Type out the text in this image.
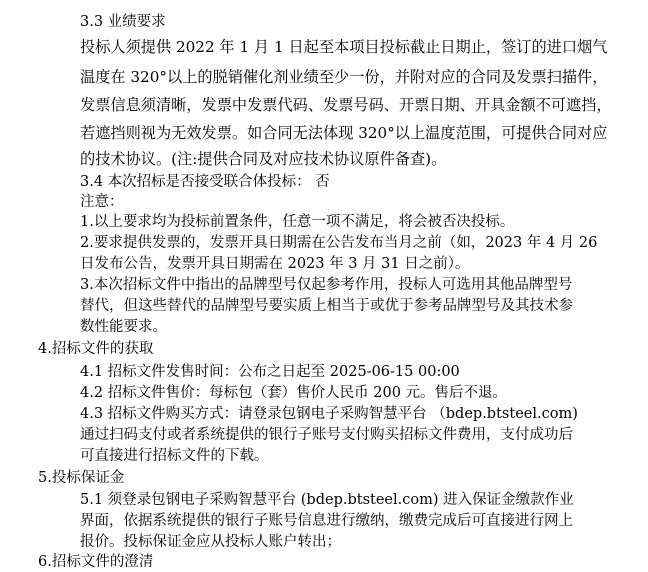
3.3 业绩要求
投标人须提供 2022 年 1 月 1 日起至本项目投标截止日期止，签订的进口烟气
温度在 320°以上的脱销催化剂业绩至少一份，并附对应的合同及发票扫描件，
发票信息须清晰，发票中发票代码、发票号码、开票日期、开具金额不可遮挡，
若遮挡则视为无效发票。如合同无法体现 320°以上温度范围，可提供合同对应
的技术协议。(注:提供合同及对应技术协议原件备查)。
3.4 本次招标是否接受联合体投标： 否
注意：
1.以上要求均为投标前置条件，任意一项不满足，将会被否决投标。
2.要求提供发票的，发票开具日期需在公告发布当月之前（如，2023 年 4 月 26
日发布公告，发票开具日期需在 2023 年 3 月 31 日之前）。
3.本次招标文件中指出的品牌型号仅起参考作用，投标人可选用其他品牌型号
替代，但这些替代的品牌型号要实质上相当于或优于参考品牌型号及其技术参
数性能要求。
4.招标文件的获取
4.1 招标文件发售时间：公布之日起至 2025-06-15 00:00
4.2 招标文件售价：每标包（套）售价人民币 200 元。售后不退。
4.3 招标文件购买方式：请登录包钢电子采购智慧平台 （bdep.btsteel.com)
通过扫码支付或者系统提供的银行子账号支付购买招标文件费用，支付成功后
可直接进行招标文件的下载。
5.投标保证金
5.1 须登录包钢电子采购智慧平台 (bdep.btsteel.com) 进入保证金缴款作业
界面，依据系统提供的银行子账号信息进行缴纳，缴费完成后可直接进行网上
报价。投标保证金应从投标人账户转出；
6.招标文件的澄清
